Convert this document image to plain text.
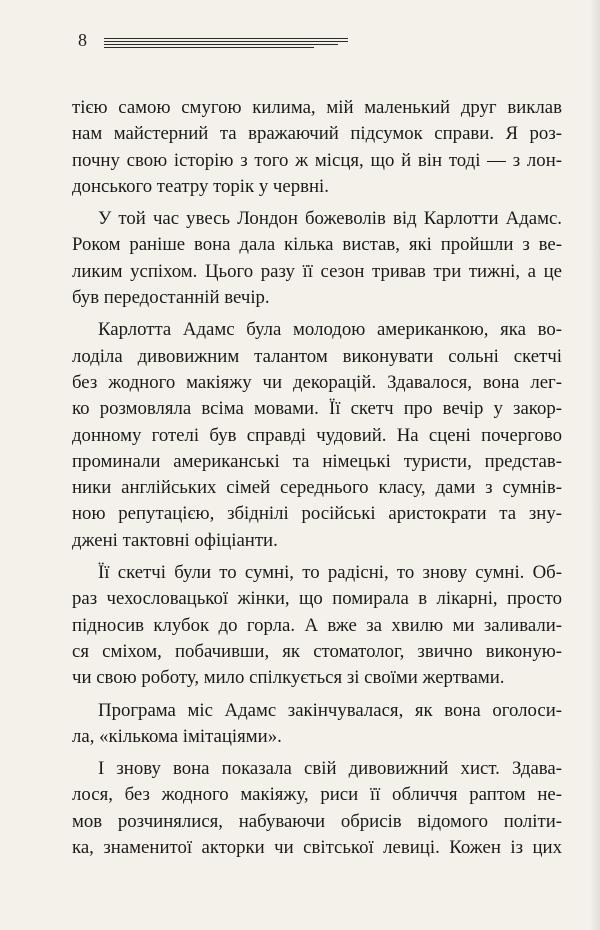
8
тією самою смугою килима, мій маленький друг виклав
нам майстерний та вражаючий підсумок справи. Я роз-
почну свою історію з того ж місця, що й він тоді — з лон-
донського театру торік у червні.
У той час увесь Лондон божеволів від Карлотти Адамс.
Роком раніше вона дала кілька вистав, які пройшли з ве-
ликим успіхом. Цього разу її сезон тривав три тижні, а це
був передостанній вечір.
Карлотта Адамс була молодою американкою, яка во-
лоділа дивовижним талантом виконувати сольні скетчі
без жодного макіяжу чи декорацій. Здавалося, вона лег-
ко розмовляла всіма мовами. Її скетч про вечір у закор-
донному готелі був справді чудовий. На сцені почергово
проминали американські та німецькі туристи, представ-
ники англійських сімей середнього класу, дами з сумнів-
ною репутацією, збіднілі російські аристократи та зну-
джені тактовні офіціанти.
Її скетчі були то сумні, то радісні, то знову сумні. Об-
раз чехословацької жінки, що помирала в лікарні, просто
підносив клубок до горла. А вже за хвилю ми заливали-
ся сміхом, побачивши, як стоматолог, звично виконую-
чи свою роботу, мило спілкується зі своїми жертвами.
Програма міс Адамс закінчувалася, як вона оголоси-
ла, «кількома імітаціями».
І знову вона показала свій дивовижний хист. Здава-
лося, без жодного макіяжу, риси її обличчя раптом не-
мов розчинялися, набуваючи обрисів відомого політи-
ка, знаменитої акторки чи світської левиці. Кожен із цих
